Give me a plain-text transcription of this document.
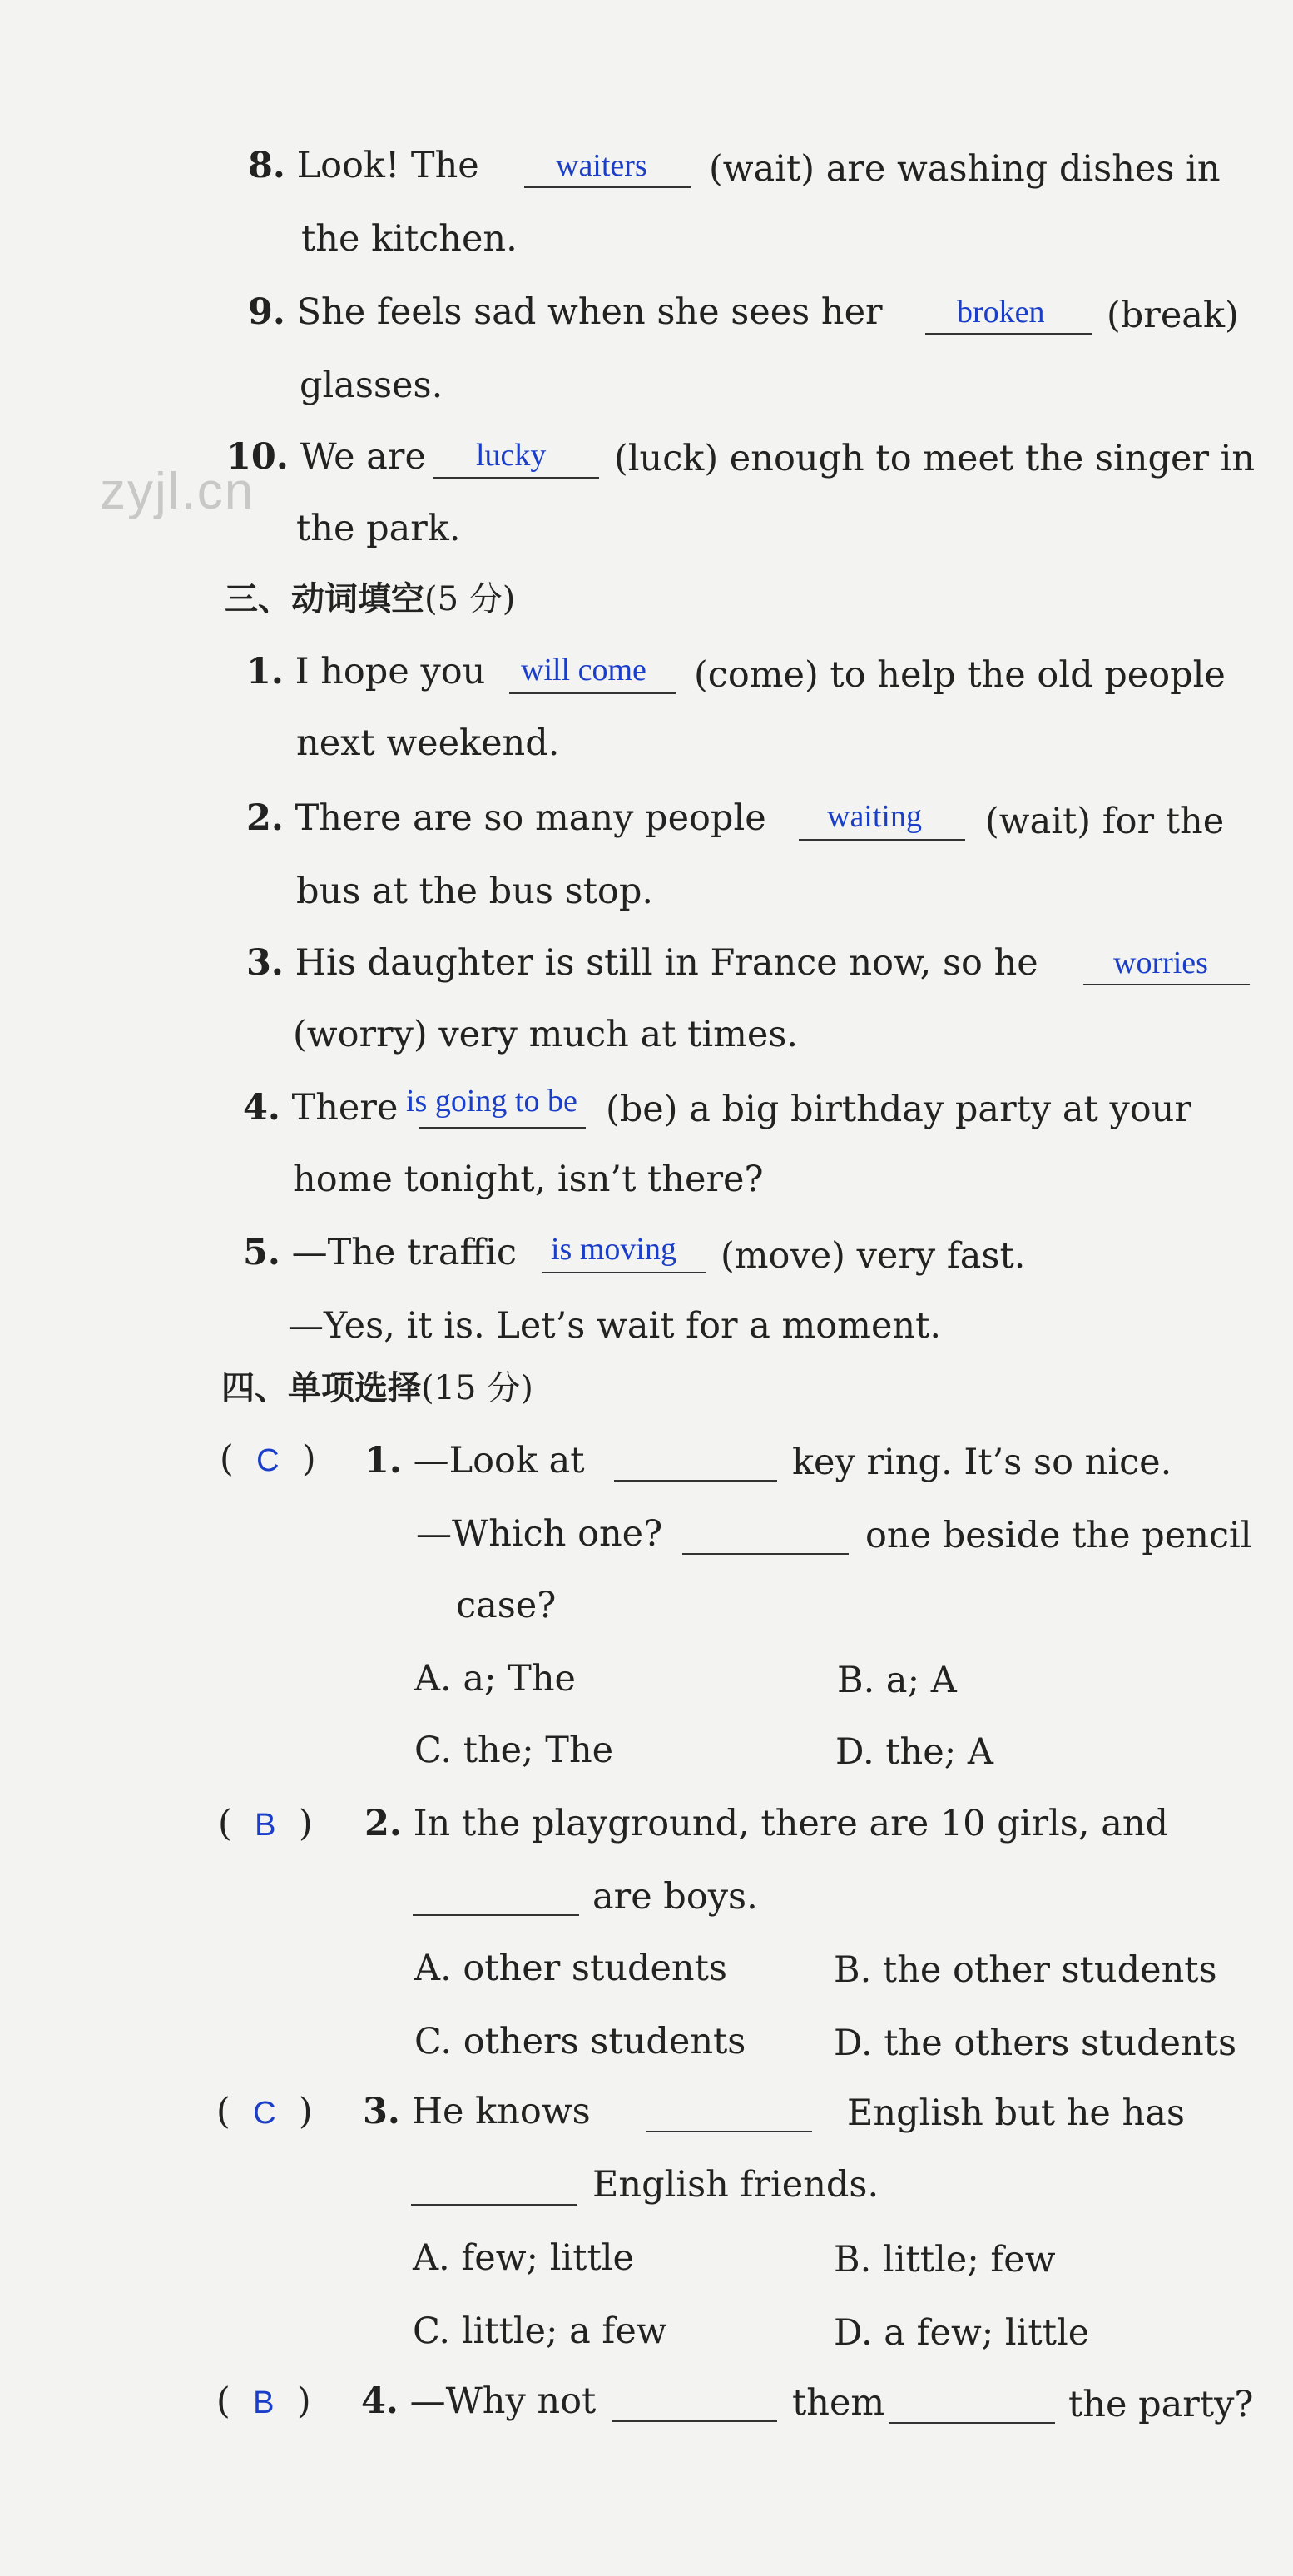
zyjl.cn
8. Look! The waiters (wait) are washing dishes in
the kitchen.
9. She feels sad when she sees her broken (break)
glasses.
10. We are lucky (luck) enough to meet the singer in
the park.
三、动词填空(5 分)
1. I hope you will come (come) to help the old people
next weekend.
2. There are so many people waiting (wait) for the
bus at the bus stop.
3. His daughter is still in France now, so he worries
(worry) very much at times.
4. There is going to be (be) a big birthday party at your
home tonight, isn’t there?
5. —The traffic is moving (move) very fast.
—Yes, it is. Let’s wait for a moment.
四、单项选择(15 分)
(  C  ) 1. —Look at	key ring. It’s so nice.
—Which one?	one beside the pencil
case?
A. a; The	B. a; A
C. the; The	D. the; A
(  B  ) 2. In the playground, there are 10 girls, and
are boys.
A. other students	B. the other students
C. others students D. the others students
(  C  ) 3. He knows	English but he has
English friends.
A. few; little	B. little; few
C. little; a few	D. a few; little
(  B  ) 4. —Why not	them	the party?
